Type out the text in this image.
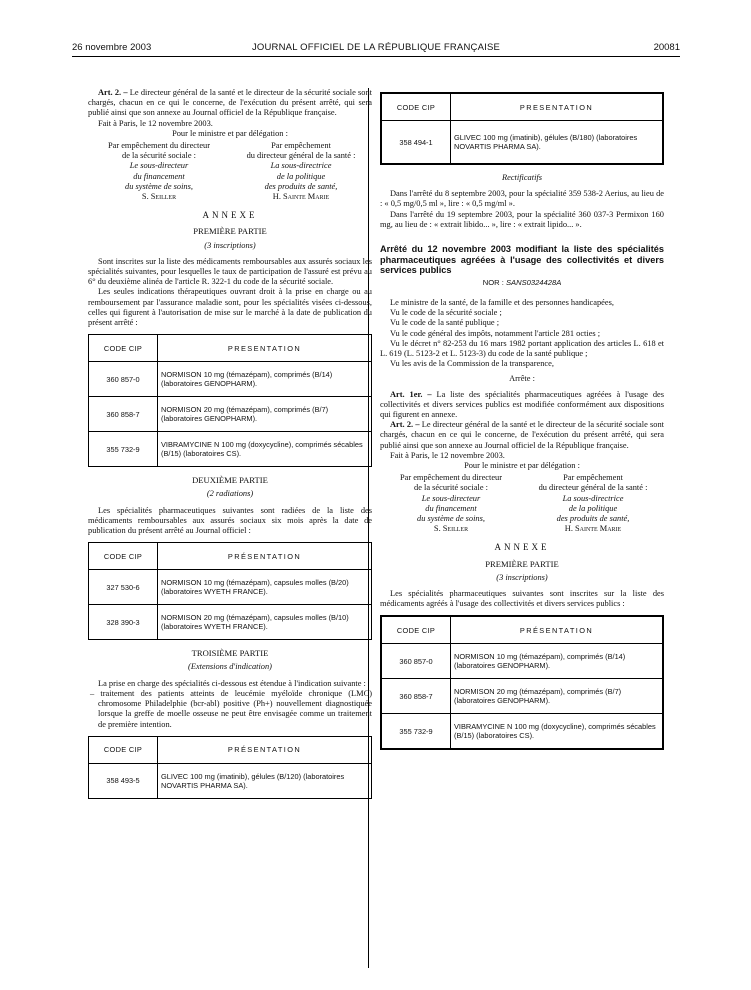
26 novembre 2003	JOURNAL OFFICIEL DE LA RÉPUBLIQUE FRANÇAISE	20081

Art. 2. – Le directeur général de la santé et le directeur de la sécurité sociale sont chargés, chacun en ce qui le concerne, de l'exécution du présent arrêté, qui sera publié ainsi que son annexe au Journal officiel de la République française.

Fait à Paris, le 12 novembre 2003.

Pour le ministre et par délégation :

Par empêchement du directeur
de la sécurité sociale :
Le sous-directeur
du financement
du système de soins,
S. Seiller
Par empêchement
du directeur général de la santé :
La sous-directrice
de la politique
des produits de santé,
H. Sainte Marie
ANNEXE
PREMIÈRE PARTIE
(3 inscriptions)

Sont inscrites sur la liste des médicaments remboursables aux assurés sociaux les spécialités suivantes, pour lesquelles le taux de participation de l'assuré est prévu au 6° du deuxième alinéa de l'article R. 322-1 du code de la sécurité sociale.

Les seules indications thérapeutiques ouvrant droit à la prise en charge ou au remboursement par l'assurance maladie sont, pour les spécialités visées ci-dessous, celles qui figurent à l'autorisation de mise sur le marché à la date de publication du présent arrêté :

CODE CIP	PRESENTATION
360 857-0	NORMISON 10 mg (témazépam), comprimés (B/14) (laboratoires GENOPHARM).
360 858-7	NORMISON 20 mg (témazépam), comprimés (B/7) (laboratoires GENOPHARM).
355 732-9	VIBRAMYCINE N 100 mg (doxycycline), comprimés sécables (B/15) (laboratoires CS).
DEUXIÈME PARTIE
(2 radiations)

Les spécialités pharmaceutiques suivantes sont radiées de la liste des médicaments remboursables aux assurés sociaux six mois après la date de publication du présent arrêté au Journal officiel :

CODE CIP	PRÉSENTATION
327 530-6	NORMISON 10 mg (témazépam), capsules molles (B/20) (laboratoires WYETH FRANCE).
328 390-3	NORMISON 20 mg (témazépam), capsules molles (B/10) (laboratoires WYETH FRANCE).
TROISIÈME PARTIE
(Extensions d'indication)

La prise en charge des spécialités ci-dessous est étendue à l'indication suivante :

– traitement des patients atteints de leucémie myéloïde chronique (LMC) chromosome Philadelphie (bcr-abl) positive (Ph+) nouvellement diagnostiquée lorsque la greffe de moelle osseuse ne peut être envisagée comme un traitement de première intention.

CODE CIP	PRÉSENTATION
358 493-5	GLIVEC 100 mg (imatinib), gélules (B/120) (laboratoires NOVARTIS PHARMA SA).
CODE CIP	PRESENTATION
358 494-1	GLIVEC 100 mg (imatinib), gélules (B/180) (laboratoires NOVARTIS PHARMA SA).
Rectificatifs

Dans l'arrêté du 8 septembre 2003, pour la spécialité 359 538-2 Aerius, au lieu de : « 0,5 mg/0,5 ml », lire : « 0,5 mg/ml ».

Dans l'arrêté du 19 septembre 2003, pour la spécialité 360 037-3 Permixon 160 mg, au lieu de : « extrait libido... », lire : « extrait lipido... ».

Arrêté du 12 novembre 2003 modifiant la liste des spécialités pharmaceutiques agréées à l'usage des collectivités et divers services publics
NOR : SANS0324428A

Le ministre de la santé, de la famille et des personnes handicapées,

Vu le code de la sécurité sociale ;

Vu le code de la santé publique ;

Vu le code général des impôts, notamment l'article 281 octies ;

Vu le décret n° 82-253 du 16 mars 1982 portant application des articles L. 618 et L. 619 (L. 5123-2 et L. 5123-3) du code de la santé publique ;

Vu les avis de la Commission de la transparence,

Arrête :

Art. 1er. – La liste des spécialités pharmaceutiques agréées à l'usage des collectivités et divers services publics est modifiée conformément aux dispositions qui figurent en annexe.

Art. 2. – Le directeur général de la santé et le directeur de la sécurité sociale sont chargés, chacun en ce qui le concerne, de l'exécution du présent arrêté, qui sera publié ainsi que son annexe au Journal officiel de la République française.

Fait à Paris, le 12 novembre 2003.

Pour le ministre et par délégation :

Par empêchement du directeur
de la sécurité sociale :
Le sous-directeur
du financement
du système de soins,
S. Seiller
Par empêchement
du directeur général de la santé :
La sous-directrice
de la politique
des produits de santé,
H. Sainte Marie
ANNEXE
PREMIÈRE PARTIE
(3 inscriptions)

Les spécialités pharmaceutiques suivantes sont inscrites sur la liste des médicaments agréés à l'usage des collectivités et divers services publics :

CODE CIP	PRÉSENTATION
360 857-0	NORMISON 10 mg (témazépam), comprimés (B/14) (laboratoires GENOPHARM).
360 858-7	NORMISON 20 mg (témazépam), comprimés (B/7) (laboratoires GENOPHARM).
355 732-9	VIBRAMYCINE N 100 mg (doxycycline), comprimés sécables (B/15) (laboratoires CS).
